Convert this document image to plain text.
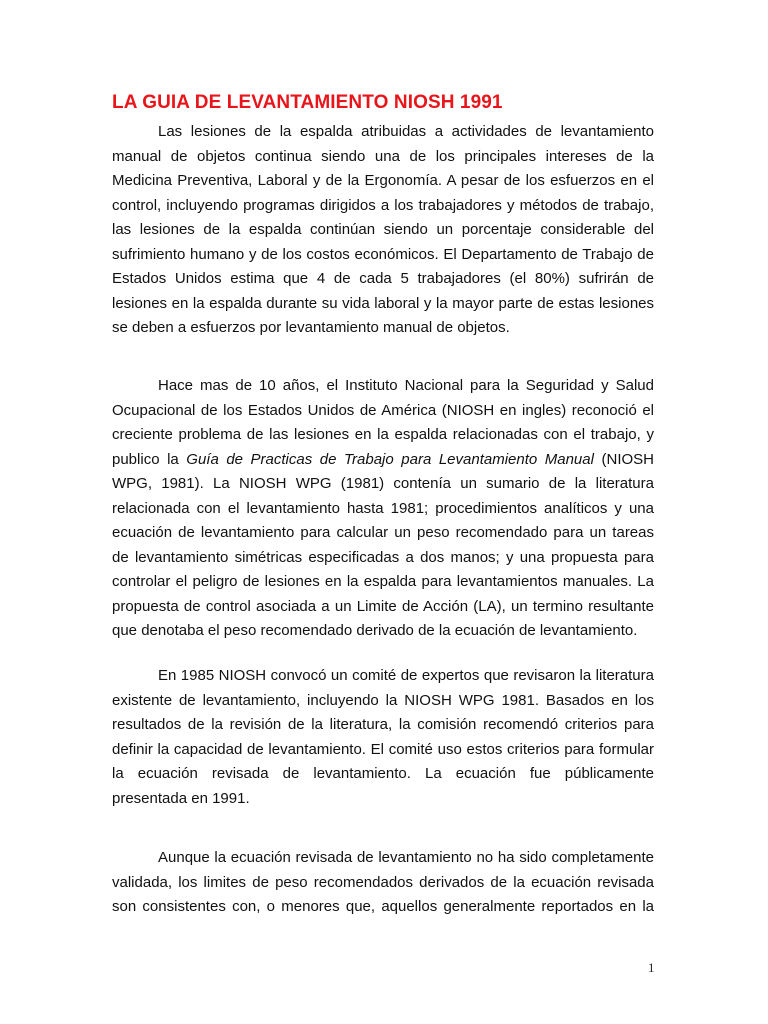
LA GUIA DE LEVANTAMIENTO NIOSH 1991
Las lesiones de la espalda atribuidas a actividades de levantamiento
manual de objetos continua siendo una de los principales intereses de la
Medicina Preventiva, Laboral y de la Ergonomía. A pesar de los esfuerzos en el
control, incluyendo programas dirigidos a los trabajadores y métodos de trabajo,
las lesiones de la espalda continúan siendo un porcentaje considerable del
sufrimiento humano y de los costos económicos. El Departamento de Trabajo de
Estados Unidos estima que 4 de cada 5 trabajadores (el 80%) sufrirán de
lesiones en la espalda durante su vida laboral y la mayor parte de estas lesiones
se deben a esfuerzos por levantamiento manual de objetos.
Hace mas de 10 años, el Instituto Nacional para la Seguridad y Salud
Ocupacional de los Estados Unidos de América (NIOSH en ingles) reconoció el
creciente problema de las lesiones en la espalda relacionadas con el trabajo, y
publico la Guía de Practicas de Trabajo para Levantamiento Manual (NIOSH
WPG, 1981). La NIOSH WPG (1981) contenía un sumario de la literatura
relacionada con el levantamiento hasta 1981; procedimientos analíticos y una
ecuación de levantamiento para calcular un peso recomendado para un tareas
de levantamiento simétricas especificadas a dos manos; y una propuesta para
controlar el peligro de lesiones en la espalda para levantamientos manuales. La
propuesta de control asociada a un Limite de Acción (LA), un termino resultante
que denotaba el peso recomendado derivado de la ecuación de levantamiento.
En 1985 NIOSH convocó un comité de expertos que revisaron la literatura
existente de levantamiento, incluyendo la NIOSH WPG 1981. Basados en los
resultados de la revisión de la literatura, la comisión recomendó criterios para
definir la capacidad de levantamiento. El comité uso estos criterios para formular
la ecuación revisada de levantamiento. La ecuación fue públicamente
presentada en 1991.
Aunque la ecuación revisada de levantamiento no ha sido completamente
validada, los limites de peso recomendados derivados de la ecuación revisada
son consistentes con, o menores que, aquellos generalmente reportados en la
1
